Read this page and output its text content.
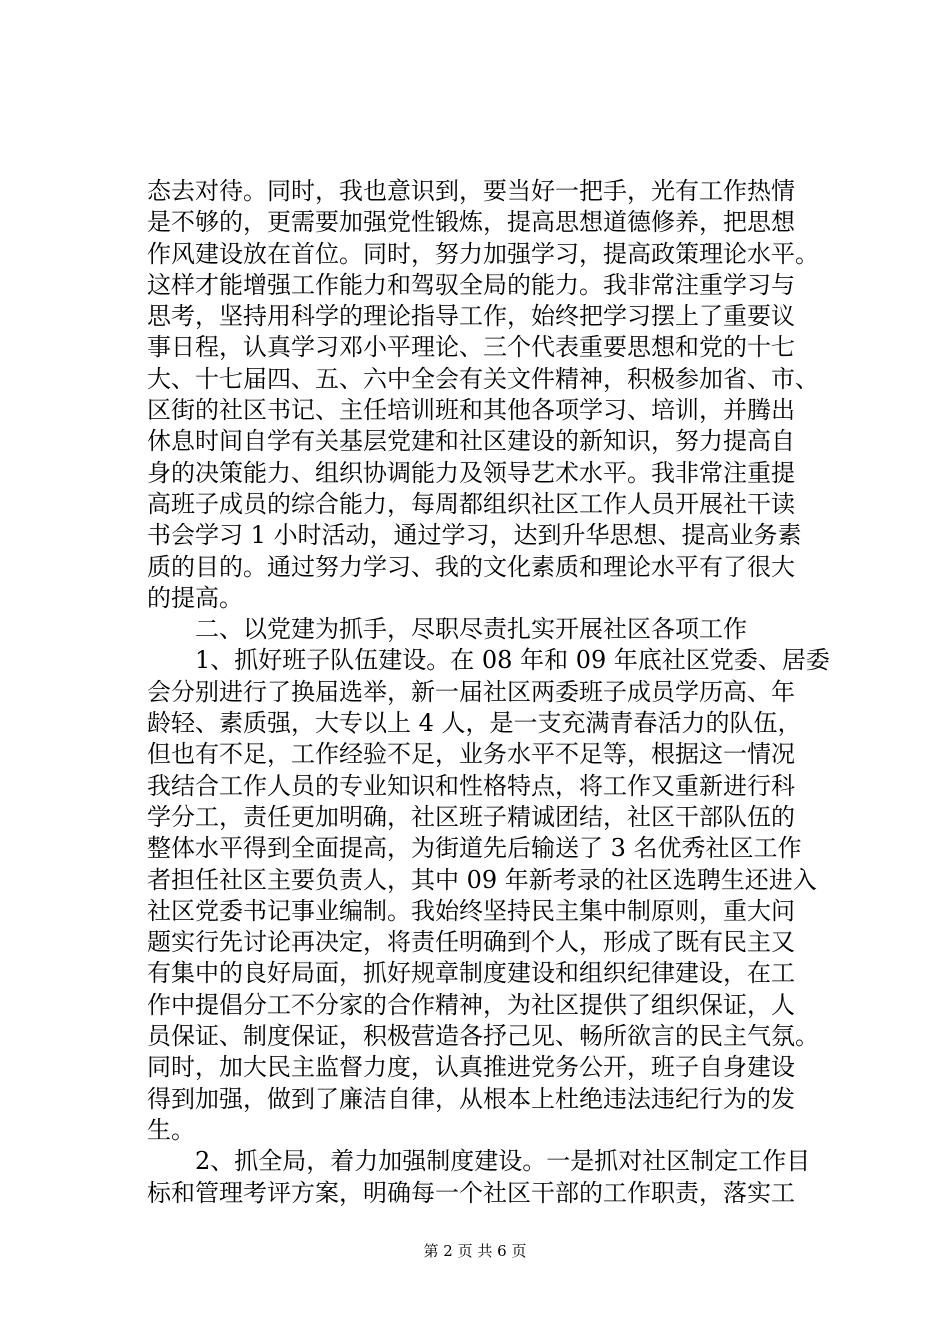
态去对待。同时，我也意识到，要当好一把手，光有工作热情
是不够的，更需要加强党性锻炼，提高思想道德修养，把思想
作风建设放在首位。同时，努力加强学习，提高政策理论水平。
这样才能增强工作能力和驾驭全局的能力。我非常注重学习与
思考，坚持用科学的理论指导工作，始终把学习摆上了重要议
事日程，认真学习邓小平理论、三个代表重要思想和党的十七
大、十七届四、五、六中全会有关文件精神，积极参加省、市、
区街的社区书记、主任培训班和其他各项学习、培训，并腾出
休息时间自学有关基层党建和社区建设的新知识，努力提高自
身的决策能力、组织协调能力及领导艺术水平。我非常注重提
高班子成员的综合能力，每周都组织社区工作人员开展社干读
书会学习 1 小时活动，通过学习，达到升华思想、提高业务素
质的目的。通过努力学习、我的文化素质和理论水平有了很大
的提高。
　　二、以党建为抓手，尽职尽责扎实开展社区各项工作
　　1、抓好班子队伍建设。在 08 年和 09 年底社区党委、居委
会分别进行了换届选举，新一届社区两委班子成员学历高、年
龄轻、素质强，大专以上 4 人，是一支充满青春活力的队伍，
但也有不足，工作经验不足，业务水平不足等，根据这一情况
我结合工作人员的专业知识和性格特点，将工作又重新进行科
学分工，责任更加明确，社区班子精诚团结，社区干部队伍的
整体水平得到全面提高，为街道先后输送了 3 名优秀社区工作
者担任社区主要负责人，其中 09 年新考录的社区选聘生还进入
社区党委书记事业编制。我始终坚持民主集中制原则，重大问
题实行先讨论再决定，将责任明确到个人，形成了既有民主又
有集中的良好局面，抓好规章制度建设和组织纪律建设，在工
作中提倡分工不分家的合作精神，为社区提供了组织保证，人
员保证、制度保证，积极营造各抒己见、畅所欲言的民主气氛。
同时，加大民主监督力度，认真推进党务公开，班子自身建设
得到加强，做到了廉洁自律，从根本上杜绝违法违纪行为的发
生。
　　2、抓全局，着力加强制度建设。一是抓对社区制定工作目
标和管理考评方案，明确每一个社区干部的工作职责，落实工
第 2 页 共 6 页
